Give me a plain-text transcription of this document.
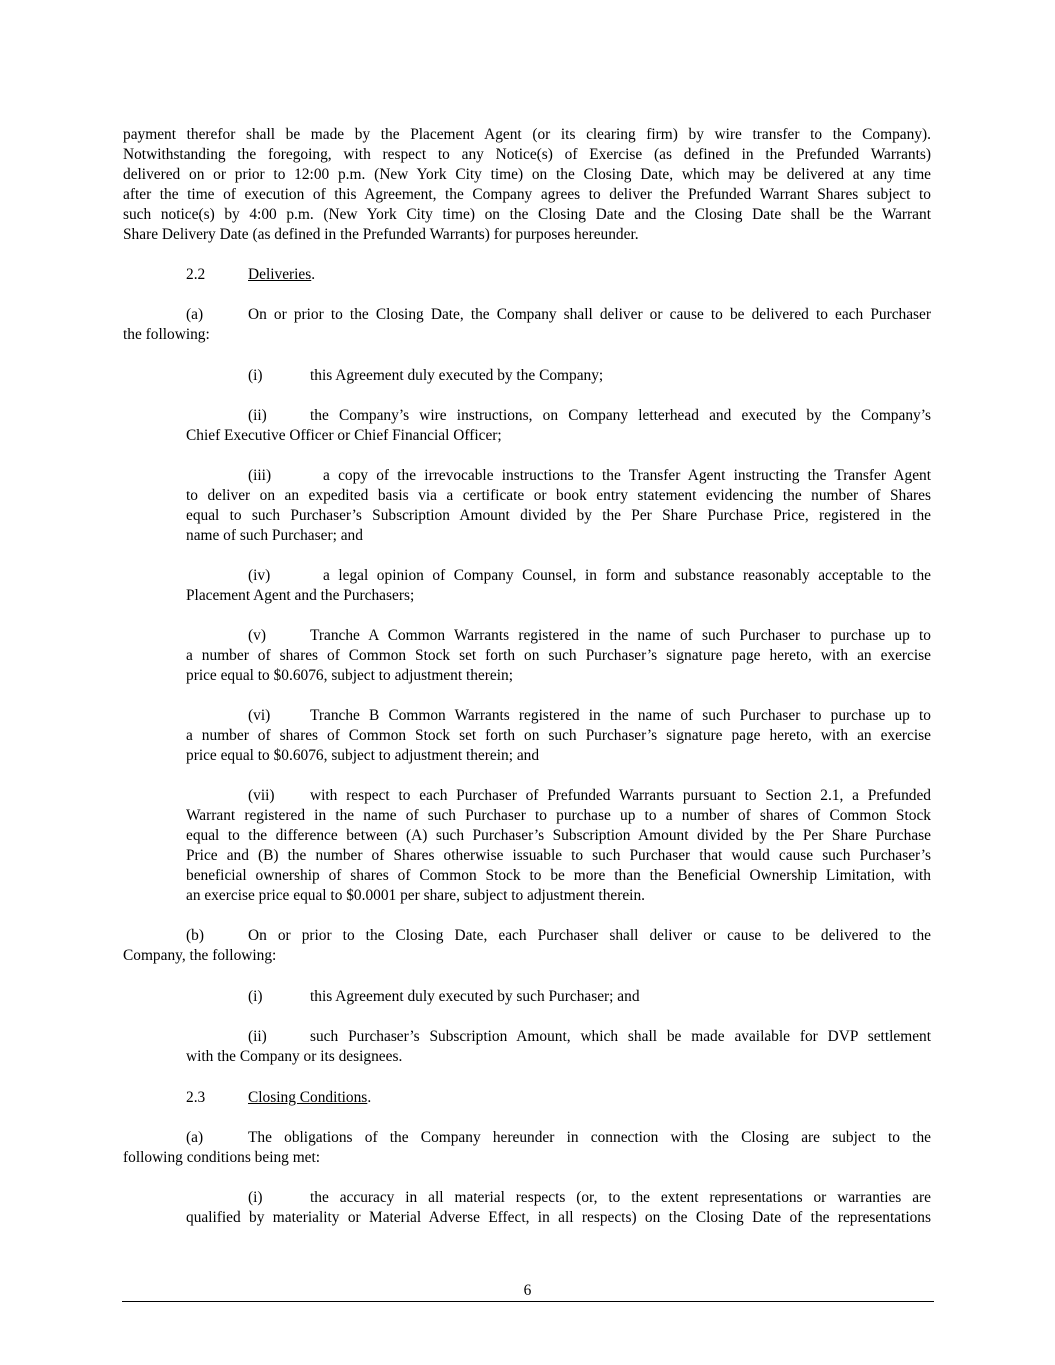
payment therefor shall be made by the Placement Agent (or its clearing firm) by wire transfer to the Company).
Notwithstanding the foregoing, with respect to any Notice(s) of Exercise (as defined in the Prefunded Warrants)
delivered on or prior to 12:00 p.m. (New York City time) on the Closing Date, which may be delivered at any time
after the time of execution of this Agreement, the Company agrees to deliver the Prefunded Warrant Shares subject to
such notice(s) by 4:00 p.m. (New York City time) on the Closing Date and the Closing Date shall be the Warrant
Share Delivery Date (as defined in the Prefunded Warrants) for purposes hereunder.
2.2	Deliveries.
(a)	On or prior to the Closing Date, the Company shall deliver or cause to be delivered to each Purchaser
the following:
(i)	this Agreement duly executed by the Company;
(ii)	the Company’s wire instructions, on Company letterhead and executed by the Company’s
Chief Executive Officer or Chief Financial Officer;
(iii)	a copy of the irrevocable instructions to the Transfer Agent instructing the Transfer Agent
to deliver on an expedited basis via a certificate or book entry statement evidencing the number of Shares
equal to such Purchaser’s Subscription Amount divided by the Per Share Purchase Price, registered in the
name of such Purchaser; and
(iv)	a legal opinion of Company Counsel, in form and substance reasonably acceptable to the
Placement Agent and the Purchasers;
(v)	Tranche A Common Warrants registered in the name of such Purchaser to purchase up to
a number of shares of Common Stock set forth on such Purchaser’s signature page hereto, with an exercise
price equal to $0.6076, subject to adjustment therein;
(vi)	Tranche B Common Warrants registered in the name of such Purchaser to purchase up to
a number of shares of Common Stock set forth on such Purchaser’s signature page hereto, with an exercise
price equal to $0.6076, subject to adjustment therein; and
(vii) with respect to each Purchaser of Prefunded Warrants pursuant to Section 2.1, a Prefunded
Warrant registered in the name of such Purchaser to purchase up to a number of shares of Common Stock
equal to the difference between (A) such Purchaser’s Subscription Amount divided by the Per Share Purchase
Price and (B) the number of Shares otherwise issuable to such Purchaser that would cause such Purchaser’s
beneficial ownership of shares of Common Stock to be more than the Beneficial Ownership Limitation, with
an exercise price equal to $0.0001 per share, subject to adjustment therein.
(b)	On or prior to the Closing Date, each Purchaser shall deliver or cause to be delivered to the
Company, the following:
(i)	this Agreement duly executed by such Purchaser; and
(ii)	such Purchaser’s Subscription Amount, which shall be made available for DVP settlement
with the Company or its designees.
2.3	Closing Conditions.
(a)	The obligations of the Company hereunder in connection with the Closing are subject to the
following conditions being met:
(i)	the accuracy in all material respects (or, to the extent representations or warranties are
qualified by materiality or Material Adverse Effect, in all respects) on the Closing Date of the representations
6
